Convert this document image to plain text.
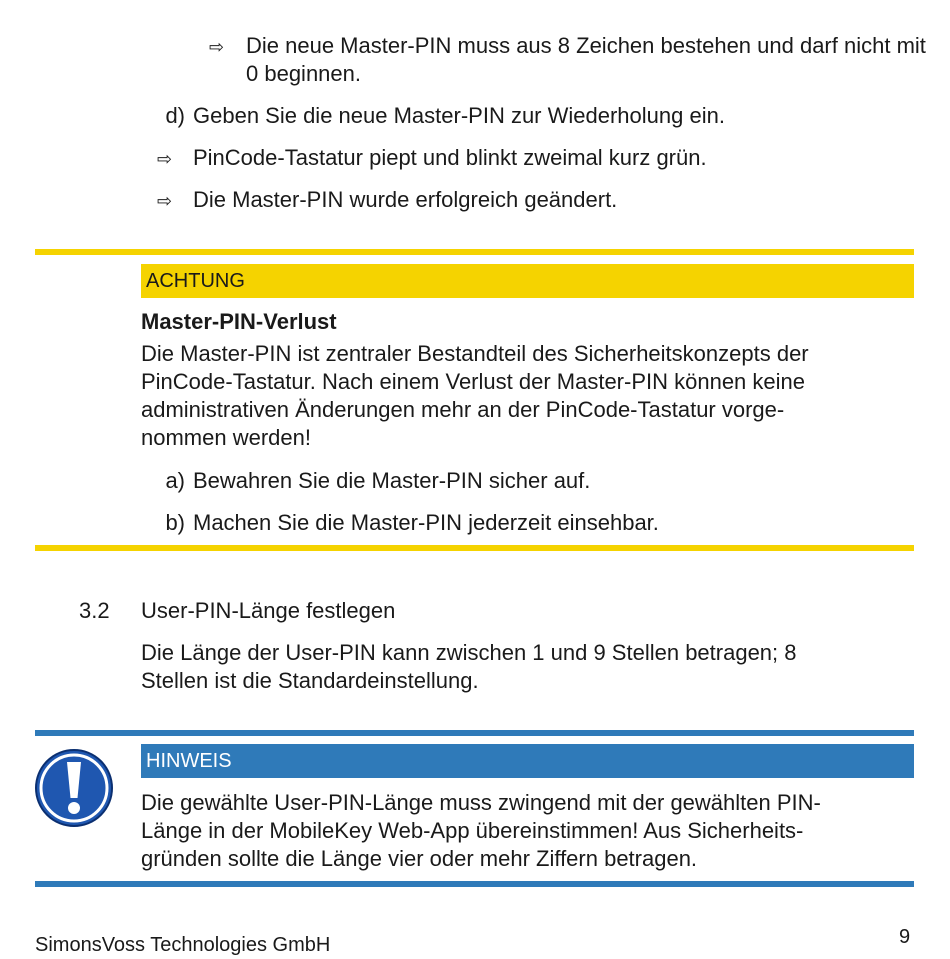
⇨ Die neue Master-PIN muss aus 8 Zeichen bestehen und darf nicht mit 0 beginnen.
d) Geben Sie die neue Master-PIN zur Wiederholung ein.
⇨ PinCode-Tastatur piept und blinkt zweimal kurz grün.
⇨ Die Master-PIN wurde erfolgreich geändert.
ACHTUNG
Master-PIN-Verlust
Die Master-PIN ist zentraler Bestandteil des Sicherheitskonzepts der
PinCode-Tastatur. Nach einem Verlust der Master-PIN können keine
administrativen Änderungen mehr an der PinCode-Tastatur vorge-
nommen werden!
a) Bewahren Sie die Master-PIN sicher auf.
b) Machen Sie die Master-PIN jederzeit einsehbar.
3.2 User-PIN-Länge festlegen
Die Länge der User-PIN kann zwischen 1 und 9 Stellen betragen; 8
Stellen ist die Standardeinstellung.
HINWEIS
Die gewählte User-PIN-Länge muss zwingend mit der gewählten PIN-
Länge in der MobileKey Web-App übereinstimmen! Aus Sicherheits-
gründen sollte die Länge vier oder mehr Ziffern betragen.
SimonsVoss Technologies GmbH	9
